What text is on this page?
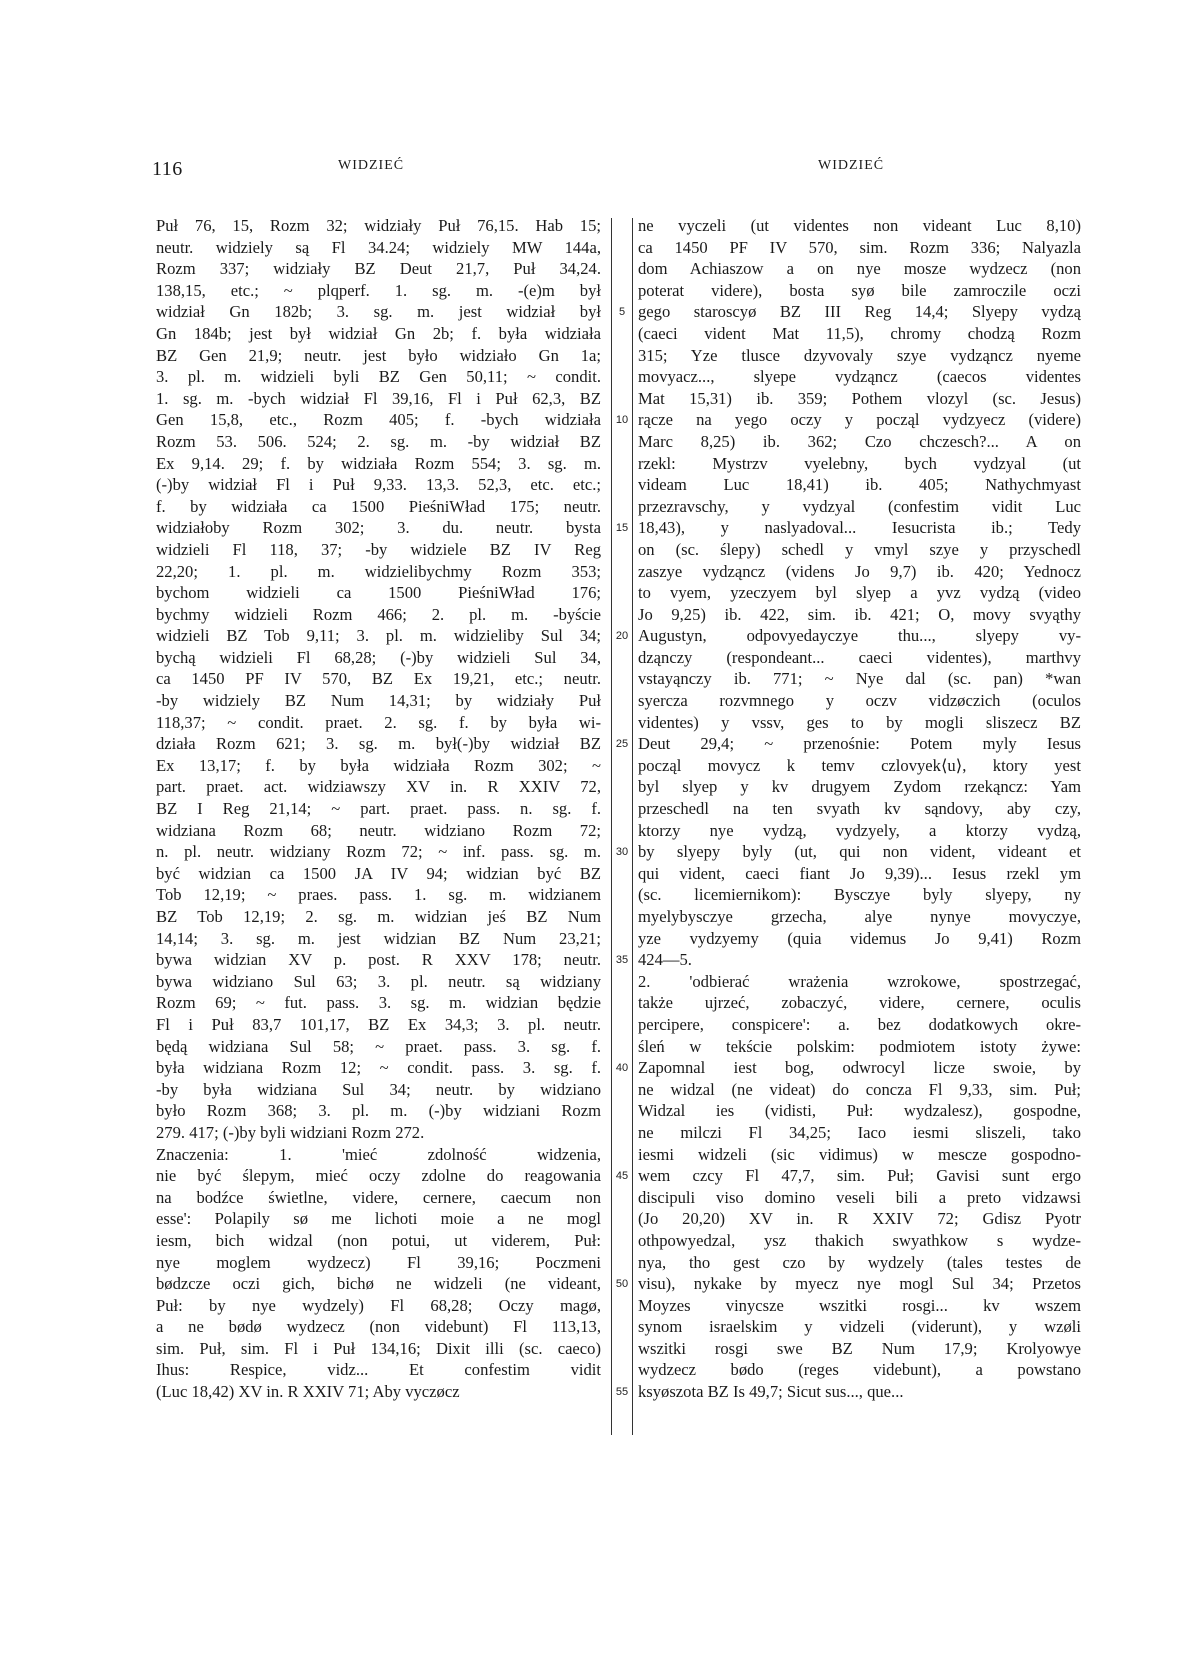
116	WIDZIEĆ	WIDZIEĆ
Puł 76, 15, Rozm 32; widziały Puł 76,15. Hab 15;
neutr. widziely są Fl 34.24; widziely MW 144a,
Rozm 337; widziały BZ Deut 21,7, Puł 34,24.
138,15, etc.; ~ plqperf. 1. sg. m. -(e)m był
widział Gn 182b; 3. sg. m. jest widział był
Gn 184b; jest był widział Gn 2b; f. była widziała
BZ Gen 21,9; neutr. jest było widziało Gn 1a;
3. pl. m. widzieli byli BZ Gen 50,11; ~ condit.
1. sg. m. -bych widział Fl 39,16, Fl i Puł 62,3, BZ
Gen 15,8, etc., Rozm 405; f. -bych widziała
Rozm 53. 506. 524; 2. sg. m. -by widział BZ
Ex 9,14. 29; f. by widziała Rozm 554; 3. sg. m.
(-)by widział Fl i Puł 9,33. 13,3. 52,3, etc. etc.;
f. by widziała ca 1500 PieśniWład 175; neutr.
widziałoby Rozm 302; 3. du. neutr. bysta
widzieli Fl 118, 37; -by widziele BZ IV Reg
22,20; 1. pl. m. widzielibychmy Rozm 353;
bychom widzieli ca 1500 PieśniWład 176;
bychmy widzieli Rozm 466; 2. pl. m. -byście
widzieli BZ Tob 9,11; 3. pl. m. widzieliby Sul 34;
bychą widzieli Fl 68,28; (-)by widzieli Sul 34,
ca 1450 PF IV 570, BZ Ex 19,21, etc.; neutr.
-by widziely BZ Num 14,31; by widziały Puł
118,37; ~ condit. praet. 2. sg. f. by była wi-
działa Rozm 621; 3. sg. m. był(-)by widział BZ
Ex 13,17; f. by była widziała Rozm 302; ~
part. praet. act. widziawszy XV in. R XXIV 72,
BZ I Reg 21,14; ~ part. praet. pass. n. sg. f.
widziana Rozm 68; neutr. widziano Rozm 72;
n. pl. neutr. widziany Rozm 72; ~ inf. pass. sg. m.
być widzian ca 1500 JA IV 94; widzian być BZ
Tob 12,19; ~ praes. pass. 1. sg. m. widzianem
BZ Tob 12,19; 2. sg. m. widzian jeś BZ Num
14,14; 3. sg. m. jest widzian BZ Num 23,21;
bywa widzian XV p. post. R XXV 178; neutr.
bywa widziano Sul 63; 3. pl. neutr. są widziany
Rozm 69; ~ fut. pass. 3. sg. m. widzian będzie
Fl i Puł 83,7 101,17, BZ Ex 34,3; 3. pl. neutr.
będą widziana Sul 58; ~ praet. pass. 3. sg. f.
była widziana Rozm 12; ~ condit. pass. 3. sg. f.
-by była widziana Sul 34; neutr. by widziano
było Rozm 368; 3. pl. m. (-)by widziani Rozm
279. 417; (-)by byli widziani Rozm 272.
Znaczenia: 1. 'mieć zdolność widzenia,
nie być ślepym, mieć oczy zdolne do reagowania
na bodźce świetlne, videre, cernere, caecum non
esse': Polapily sø me lichoti moie a ne mogl
iesm, bich widzal (non potui, ut viderem, Puł:
nye moglem wydzecz) Fl 39,16; Poczmeni
bødzcze oczi gich, bichø ne widzeli (ne videant,
Puł: by nye wydzely) Fl 68,28; Oczy magø,
a ne bødø wydzecz (non videbunt) Fl 113,13,
sim. Puł, sim. Fl i Puł 134,16; Dixit illi (sc. caeco)
Ihus: Respice, vidz... Et confestim vidit
(Luc 18,42) XV in. R XXIV 71; Aby vyczøcz
5
10
15
20
25
30
35
40
45
50
55
ne vyczeli (ut videntes non videant Luc 8,10)
ca 1450 PF IV 570, sim. Rozm 336; Nalyazla
dom Achiaszow a on nye mosze wydzecz (non
poterat videre), bosta syø bile zamroczile oczi
gego staroscyø BZ III Reg 14,4; Slyepy vydzą
(caeci vident Mat 11,5), chromy chodzą Rozm
315; Yze tlusce dzyvovaly szye vydząncz nyeme
movyacz..., slyepe vydząncz (caecos videntes
Mat 15,31) ib. 359; Pothem vlozyl (sc. Jesus)
rącze na yego oczy y począl vydzyecz (videre)
Marc 8,25) ib. 362; Czo chczesch?... A on
rzekl: Mystrzv vyelebny, bych vydzyal (ut
videam Luc 18,41) ib. 405; Nathychmyast
przezravschy, y vydzyal (confestim vidit Luc
18,43), y naslyadoval... Iesucrista ib.; Tedy
on (sc. ślepy) schedl y vmyl szye y przyschedl
zaszye vydząncz (videns Jo 9,7) ib. 420; Yednocz
to vyem, yzeczyem byl slyep a yvz vydzą (video
Jo 9,25) ib. 422, sim. ib. 421; O, movy svyąthy
Augustyn, odpovyedayczye thu..., slyepy vy-
dząnczy (respondeant... caeci videntes), marthvy
vstayąnczy ib. 771; ~ Nye dal (sc. pan) *wan
syercza rozvmnego y oczv vidzøczich (oculos
videntes) y vssv, ges to by mogli sliszecz BZ
Deut 29,4; ~ przenośnie: Potem myly Iesus
począl movycz k temv czlovyek⟨u⟩, ktory yest
byl slyep y kv drugyem Zydom rzekąncz: Yam
przeschedl na ten svyath kv sąndovy, aby czy,
ktorzy nye vydzą, vydzyely, a ktorzy vydzą,
by slyepy byly (ut, qui non vident, videant et
qui vident, caeci fiant Jo 9,39)... Iesus rzekl ym
(sc. licemiernikom): Bysczye byly slyepy, ny
myelybysczye grzecha, alye nynye movyczye,
yze vydzyemy (quia videmus Jo 9,41) Rozm
424—5.
2. 'odbierać wrażenia wzrokowe, spostrzegać,
także ujrzeć, zobaczyć, videre, cernere, oculis
percipere, conspicere': a. bez dodatkowych okre-
śleń w tekście polskim: podmiotem istoty żywe:
Zapomnal iest bog, odwrocyl licze swoie, by
ne widzal (ne videat) do concza Fl 9,33, sim. Puł;
Widzal ies (vidisti, Puł: wydzalesz), gospodne,
ne milczi Fl 34,25; Iaco iesmi sliszeli, tako
iesmi widzeli (sic vidimus) w mescze gospodno-
wem czcy Fl 47,7, sim. Puł; Gavisi sunt ergo
discipuli viso domino veseli bili a preto vidzawsi
(Jo 20,20) XV in. R XXIV 72; Gdisz Pyotr
othpowyedzal, ysz thakich swyathkow s wydze-
nya, tho gest czo by wydzely (tales testes de
visu), nykake by myecz nye mogl Sul 34; Przetos
Moyzes vinycsze wszitki rosgi... kv wszem
synom israelskim y vidzeli (viderunt), y wzøli
wszitki rosgi swe BZ Num 17,9; Krolyowye
wydzecz bødo (reges videbunt), a powstano
ksyøszota BZ Is 49,7; Sicut sus..., que...
